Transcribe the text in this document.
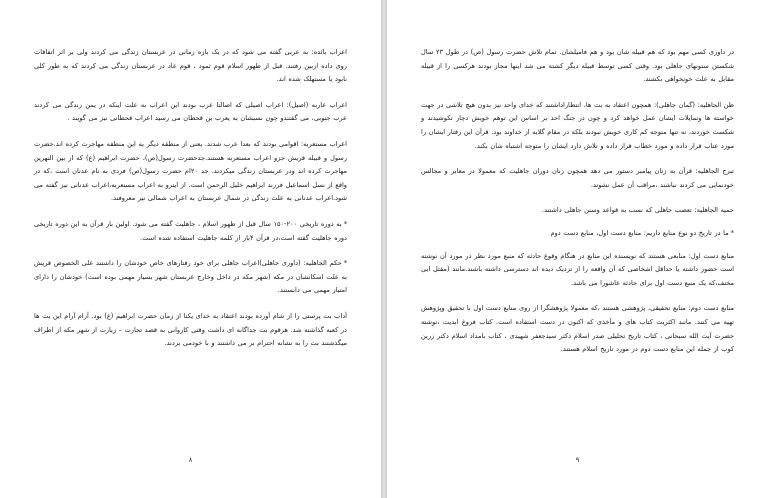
اعراب بائده: به عربی گفته می شود که در یک بازه زمانی در عربستان زندگی می کردند ولی بر اثر اتفاقات روی داده ازبین رفتند. قبل از ظهور اسلام قوم ثمود ، قوم عاد در عربستان زندگی می کردند که به طور کلی نابود یا مستهلک شده اند.

اعراب عاربه (اصیل): اعراب اصیلی که اصالتا عرب بودند این اعراب به علت اینکه در یمن زندگی می کردند عرب جنوبی، می گفتندو چون نسبشان به یعرب بن قحطان می رسید اعراب قحطانی نیز می گویند .

اعراب مستعربه: اقوامی بودند که بعدا عرب شدند. یعنی از منطقه دیگر به این منطقه مهاجرت کرده اند.حضرت رسول و قبیله قریش جزو اعراب مستعربه هستند.جدحضرت رسول(ص)، حضرت ابراهیم (ع) که از بین النهرین مهاجرت کرده اند ودر عربستان زندگی میکردند. جد ۲۰ام حضرت رسول(ص) فردی به نام عدنان است ،که در واقع از نسل اسماعیل فرزند ابراهیم خلیل الرحمن است. از اینرو به اعراب مستعربه،اعراب عدنانی نیز گفته می شود.اعراب عدنانی به علت زندگی در شمال عربستان به اعراب شمالی نیز معروفند.

* به دوره تاریخی ۲۰۰-۱۵۰ سال قبل از ظهور اسلام ، جاهلیت گفته می شود. اولین بار قرآن به این دوره تاریخی دوره جاهلیت گفته است،در قرآن ۴بار از کلمه جاهلیت استفاده شده است.

* حکم الجاهلیه: (داوری جاهلی)اعراب جاهلی برای خود رفتارهای خاص خودشان را داشتند علی الخصوص قریش به علت اسکانشان در مکه (شهر مکه در داخل وخارج عربستان شهر بسیار مهمی بوده است) خودشان را دارای امتیاز مهمی می دانستند.

آداب بت پرستی را از شام آورده بودند اعتقاد به خدای یکتا از زمان حضرت ابراهیم (ع) بود. آرام آرام این بت ها در کعبه گذاشته شد. هرقوم بت جداگانه ای داشت وقتی کاروانی به قصد تجارت – زیارت از شهر مکه از اطراف میگذشتند بت را به نشانه احترام بر می داشتند و با خودمی بردند.

۸

در داوری کسی مهم بود که هم قبیله شان بود و هم فامیلشان. تمام تلاش حضرت رسول (ص) در طول ۲۳ سال شکستن ستونهای جاهلی بود. وقتی کسی توسط قبیله دیگر کشته می شد اینها مجاز بودند هرکسی را از قبیله مقابل به علت خونخواهی بکشند.

ظن الجاهلیه: (گمان جاهلی): همچون اعتقاد به بت ها، انتظاراداشتند که خدای واحد نیز بدون هیچ تلاشی در جهت خواسته ها وتمایلات ایشان عمل خواهد کرد و چون در جنگ احد بر اساس این توهم خویش دچار تکوشیدند و شکست خوردند، نه تنها متوجه کم کاری خویش نبودند بلکه در مقام گلایه از خداوند بود. قرآن این رفتار ایشان را مورد عتاب قرار داده و مورد خطاب قرار داده و تلاش دارد ایشان را متوجه اشتباه شان بکند.

تبرج الجاهلیه: قرآن به زنان پیامبر دستور می دهد همچون زنان دوران جاهلیت که معمولا در معابر و مجالس خودنمایی می کردند نباشند ،مراقب آن عمل نشوند.

حمیه الجاهلیه: تعصب جاهلی که نسب به قواعد وسنن جاهلی داشتند.

* ما در تاریخ دو نوع منابع داریم: منابع دست اول، منابع دست دوم

منابع دست اول: منابعی هستند که نویسنده این منابع در هنگام وقوع حادثه که منبع مورد نظر در مورد آن نوشته است حضور داشته یا حداقل اشخاصی که آن واقعه را از نزدیک دیده اند دسترسی داشته باشند.مانند (مقتل ابی مخنف،که یک منبع دست اول برای حادثه عاشورا می باشد.

منابع دست دوم: منابع تحقیقی، پژوهشی هستند ،که معمولا پژوهشگرا از روی منابع دست اول با تحقیق وپژوهش تهیه می کنند. مانند اکثریت کتاب های و مآخذی که اکنون در دست استفاده است. کتاب فروغ ابدیت ،نوشته حضرت آیت الله سبحانی ، کتاب تاریخ تحلیلی صدر اسلام دکتر سیدجعفر شهیدی ، کتاب بامداد اسلام دکتر زرین کوب از جمله این منابع دست دوم در مورد تاریخ اسلام هستند.

۹
